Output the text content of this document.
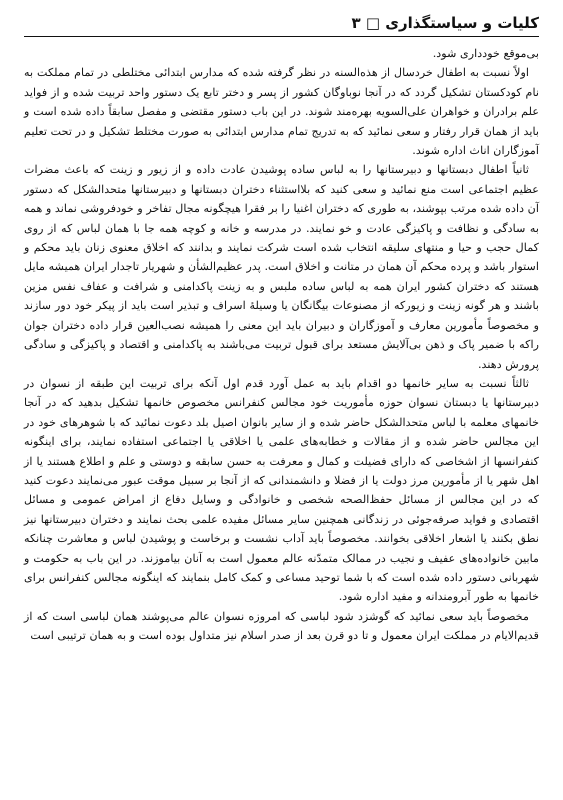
کلیات و سیاستگذاری □ ۳

بی‌موقع خودداری شود.

اولاً نسبت به اطفال خردسال از هذه‌السنه در نظر گرفته شده که مدارس ابتدائی مختلطی در تمام مملکت به نام کودکستان تشکیل گردد که در آنجا نوباوگان کشور از پسر و دختر تابع یک دستور واحد تربیت شده و از فواید علم برادران و خواهران علی‌السویه بهره‌مند شوند. در این باب دستور مقتضی و مفصل سابقاً داده شده است و باید از همان قرار رفتار و سعی نمائید که به تدریج تمام مدارس ابتدائی به صورت مختلط تشکیل و در تحت تعلیم آموزگاران اناث اداره شوند.

ثانیاً اطفال دبستانها و دبیرستانها را به لباس ساده پوشیدن عادت داده و از زیور و زینت که باعث مضرات عظیم اجتماعی است منع نمائید و سعی کنید که بلااستثناء دختران دبستانها و دبیرستانها متحدالشکل که دستور آن داده شده مرتب بپوشند، به طوری که دختران اغنیا را بر فقرا هیچگونه مجال تفاخر و خودفروشی نماند و همه به سادگی و نظافت و پاکیزگی عادت و خو نمایند. در مدرسه و خانه و کوچه همه جا با همان لباس که از روی کمال حجب و حیا و منتهای سلیقه انتخاب شده است شرکت نمایند و بدانند که اخلاق معنوی زنان باید محکم و استوار باشد و پرده محکم آن همان در متانت و اخلاق است. پدر عظیم‌الشأن و شهریار تاجدار ایران همیشه مایل هستند که دختران کشور ایران همه به لباس ساده ملبس و به زینت پاکدامنی و شرافت و عفاف نفس مزین باشند و هر گونه زینت و زیورکه از مصنوعات بیگانگان یا وسیلهٔ اسراف و تبذیر است باید از پیکر خود دور سازند و مخصوصاً مأمورین معارف و آموزگاران و دبیران باید این معنی را همیشه نصب‌العین قرار داده دختران جوان راکه با ضمیر پاک و ذهن بی‌آلایش مستعد برای قبول تربیت می‌باشند به پاکدامنی و اقتصاد و پاکیزگی و سادگی پرورش دهند.

ثالثاً نسبت به سایر خانمها دو اقدام باید به عمل آورد قدم اول آنکه برای تربیت این طبقه از نسوان در دبیرستانها یا دبستان نسوان حوزه مأموریت خود مجالس کنفرانس مخصوص خانمها تشکیل بدهید که در آنجا خانمهای معلمه با لباس متحدالشکل حاضر شده و از سایر بانوان اصیل بلد دعوت نمائید که با شوهرهای خود در این مجالس حاضر شده و از مقالات و خطابه‌های علمی یا اخلاقی یا اجتماعی استفاده نمایند، برای اینگونه کنفرانسها از اشخاصی که دارای فضیلت و کمال و معرفت به حسن سابقه و دوستی و علم و اطلاع هستند یا از اهل شهر یا از مأمورین مرز دولت یا از فضلا و دانشمندانی که از آنجا بر سبیل موقت عبور می‌نمایند دعوت کنید که در این مجالس از مسائل حفظ‌الصحه شخصی و خانوادگی و وسایل دفاع از امراض عمومی و مسائل اقتصادی و فواید صرفه‌جوئی در زندگانی همچنین سایر مسائل مفیده علمی بحث نمایند و دختران دبیرستانها نیز نطق بکنند یا اشعار اخلاقی بخوانند. مخصوصاً باید آداب نشست و برخاست و پوشیدن لباس و معاشرت چنانکه مابین خانواده‌های عفیف و نجیب در ممالک متمدّنه عالم معمول است به آنان بیاموزند. در این باب به حکومت و شهربانی دستور داده شده است که با شما توحید مساعی و کمک کامل بنمایند که اینگونه مجالس کنفرانس برای خانمها به طور آبرومندانه و مفید اداره شود.

مخصوصاً باید سعی نمائید که گوشزد شود لباسی که امروزه نسوان عالم می‌پوشند همان لباسی است که از قدیم‌الایام در مملکت ایران معمول و تا دو قرن بعد از صدر اسلام نیز متداول بوده است و به همان ترتیبی است
